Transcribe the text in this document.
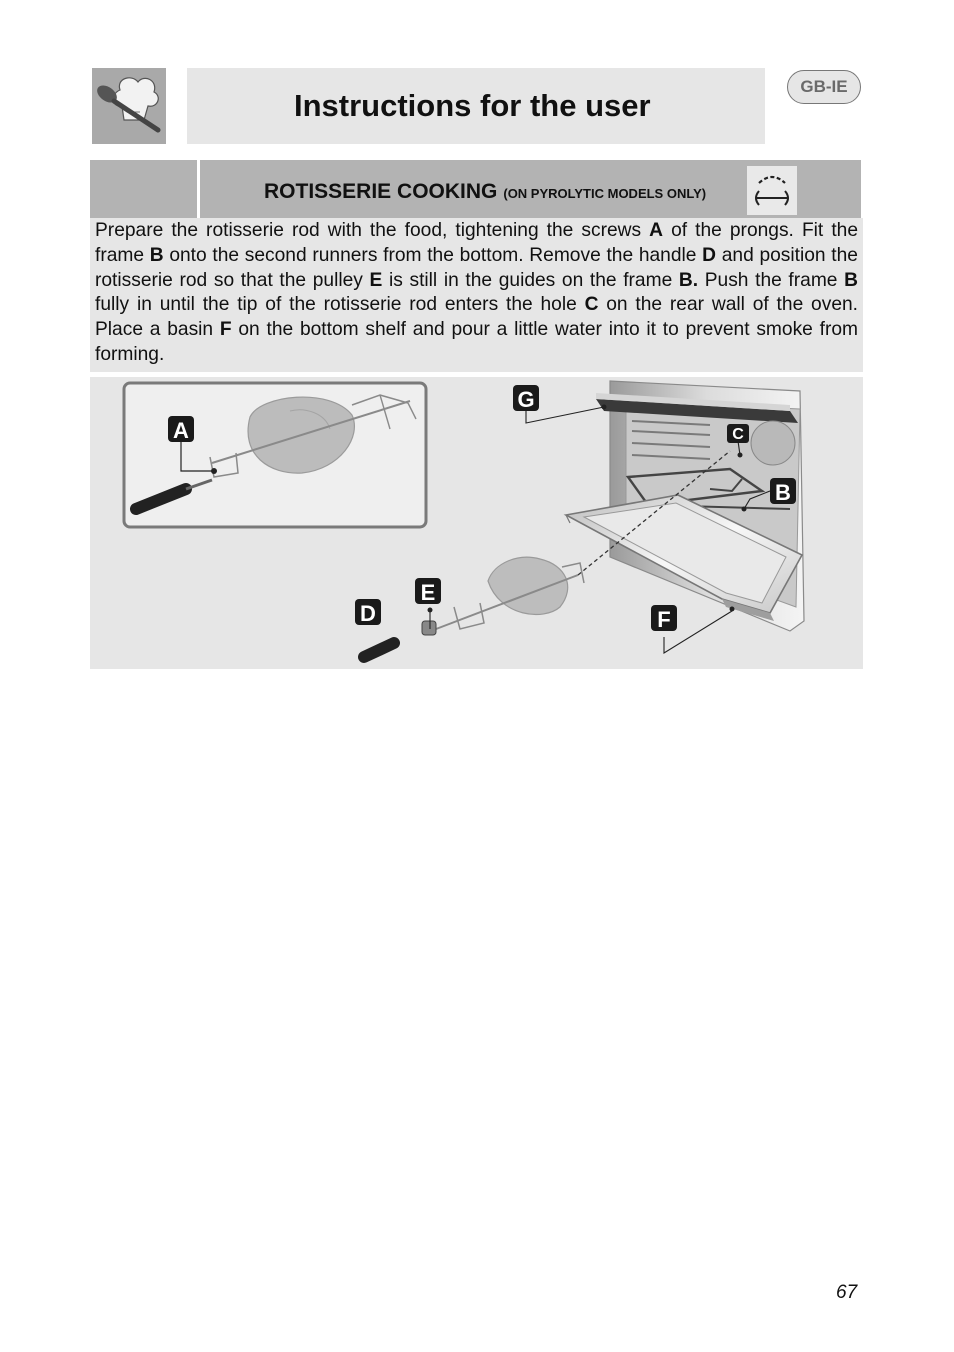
Instructions for the user
GB-IE
ROTISSERIE COOKING (ON PYROLYTIC MODELS ONLY)
Prepare the rotisserie rod with the food, tightening the screws A of the prongs. Fit the frame B onto the second runners from the bottom. Remove the handle D and position the rotisserie rod so that the pulley E is still in the guides on the frame B. Push the frame B fully in until the tip of the rotisserie rod enters the hole C on the rear wall of the oven. Place a basin F on the bottom shelf and pour a little water into it to prevent smoke from forming.
A
G
C
B
E
D	F
67
